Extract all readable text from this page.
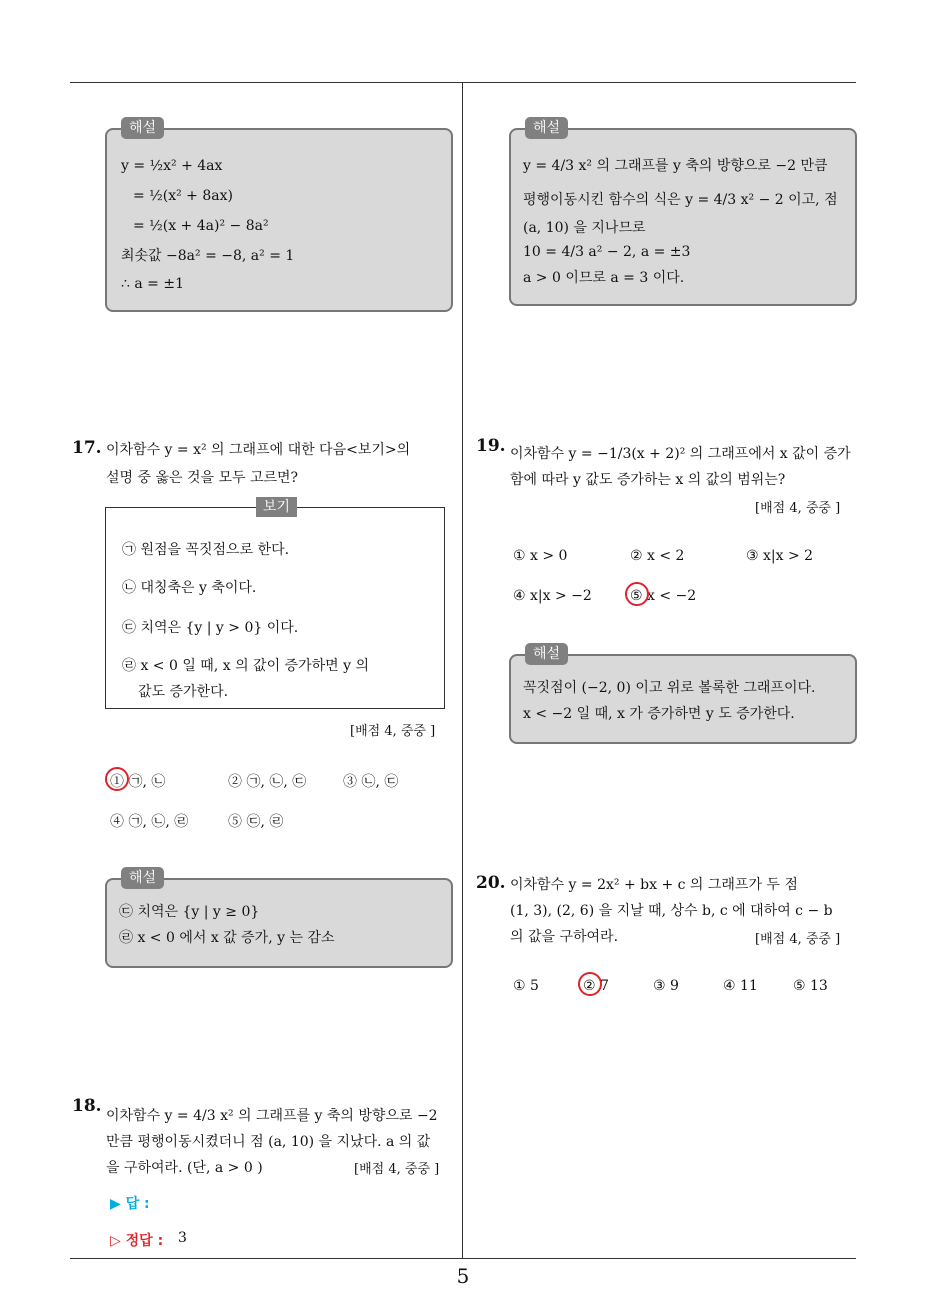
해설
y = ½x² + 4ax
= ½(x² + 8ax)
= ½(x + 4a)² − 8a²
최솟값 −8a² = −8, a² = 1
∴ a = ±1
해설
y = 4/3 x² 의 그래프를 y 축의 방향으로 −2 만큼
평행이동시킨 함수의 식은 y = 4/3 x² − 2 이고, 점
(a, 10) 을 지나므로
10 = 4/3 a² − 2, a = ±3
a > 0 이므로 a = 3 이다.
17. 이차함수 y = x² 의 그래프에 대한 다음<보기>의
설명 중 옳은 것을 모두 고르면?
보기
㉠ 원점을 꼭짓점으로 한다.
㉡ 대칭축은 y 축이다.
㉢ 치역은 {y | y > 0} 이다.
㉣ x < 0 일 때, x 의 값이 증가하면 y 의
값도 증가한다.
[배점 4, 중중 ]
① ㉠, ㉡	② ㉠, ㉡, ㉢	③ ㉡, ㉢
④ ㉠, ㉡, ㉣	⑤ ㉢, ㉣
해설
㉢ 치역은 {y | y ≥ 0}
㉣ x < 0 에서 x 값 증가, y 는 감소
18. 이차함수 y = 4/3 x² 의 그래프를 y 축의 방향으로 −2
만큼 평행이동시켰더니 점 (a, 10) 을 지났다. a 의 값
을 구하여라. (단, a > 0 )	[배점 4, 중중 ]
▶ 답 :
▷ 정답 : 3
19. 이차함수 y = −1/3(x + 2)² 의 그래프에서 x 값이 증가
함에 따라 y 값도 증가하는 x 의 값의 범위는?
[배점 4, 중중 ]
① x > 0	② x < 2	③ x|x > 2
④ x|x > −2	⑤ x < −2
해설
꼭짓점이 (−2, 0) 이고 위로 볼록한 그래프이다.
x < −2 일 때, x 가 증가하면 y 도 증가한다.
20. 이차함수 y = 2x² + bx + c 의 그래프가 두 점
(1, 3), (2, 6) 을 지날 때, 상수 b, c 에 대하여 c − b
의 값을 구하여라.	[배점 4, 중중 ]
① 5	② 7	③ 9	④ 11	⑤ 13
5
